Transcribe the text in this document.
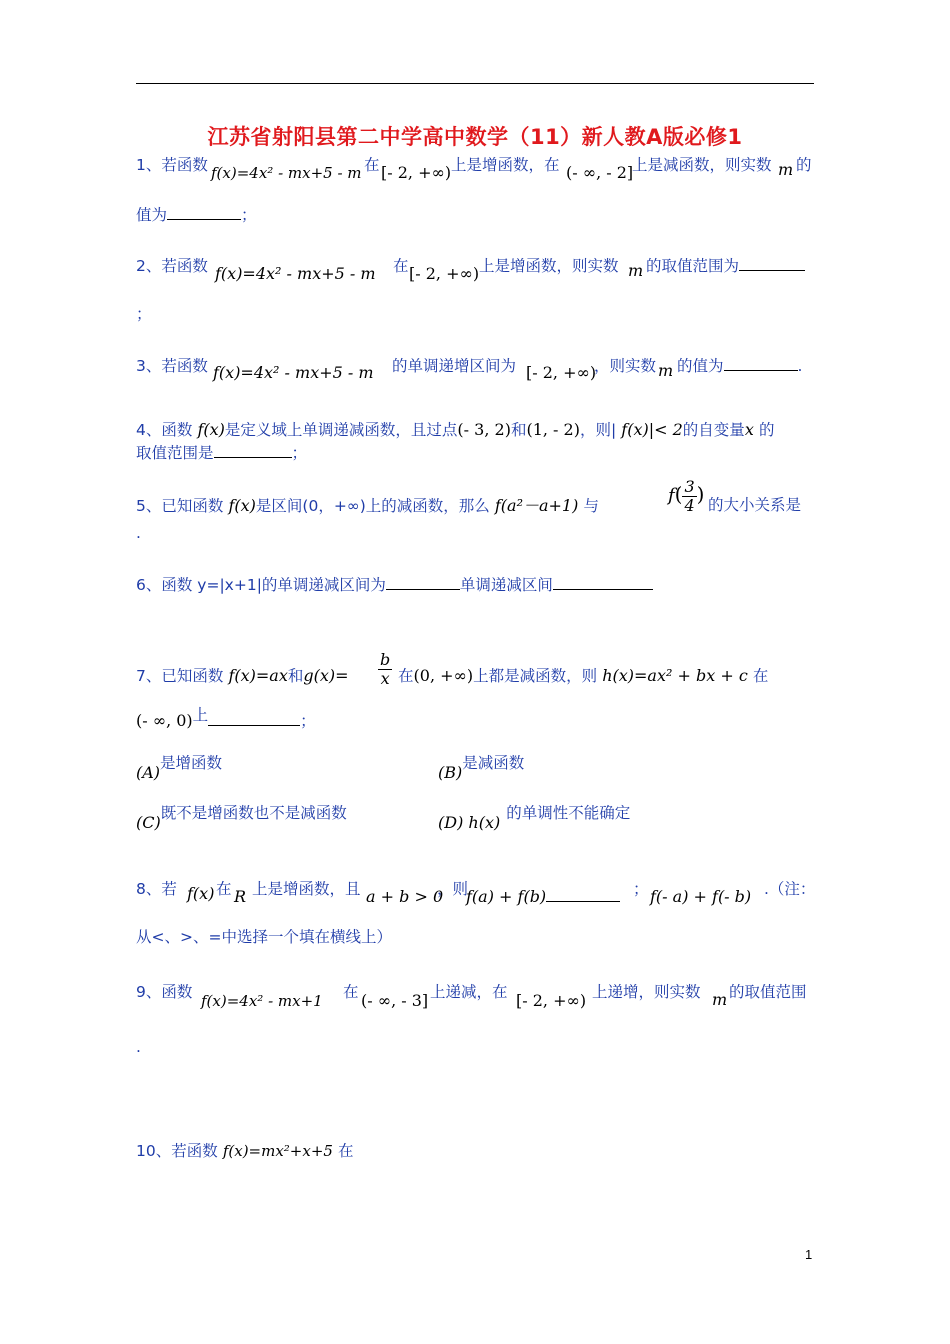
江苏省射阳县第二中学高中数学（11）新人教A版必修1
1、若函数 f(x)=4x² - mx+5 - m 在 [- 2, +∞) 上是增函数，在 (- ∞, - 2]
上是减函数，则实数 m 的
值为	；
2、若函数 f(x)=4x² - mx+5 - m 在 [- 2, +∞) 上是增函数，则实数 m 的取值范围为
；
3、若函数 f(x)=4x² - mx+5 - m 的单调递增区间为 [- 2, +∞)
，则实数 m 的值为	.
4、函数 f(x)是定义域上单调递减函数，且过点(- 3, 2)和(1, - 2)，则| f(x)|< 2的自变量x 的
取值范围是	；
5、已知函数 f(x)是区间(0，+∞)上的减函数，那么 f(a²－a+1) 与	$f( \frac{3}{4}$ ) 的大小关系是
.
6、函数 y=|x+1|的单调递减区间为	单调递减区间
7、已知函数 f(x)=ax和$g(x)= \frac{b}{x}$ 在(0, +∞)上都是减函数，则 h(x)=ax² + bx + c 在
(- ∞, 0)上	；
(A)是增函数	(B)是减函数
(C)既不是增函数也不是减函数	(D) h(x) 的单调性不能确定
8、若 f(x) 在 R 上是增函数，且 a + b > 0
，则
f(a) + f(b)	； f(- a) + f(- b) .（注：
从<、>、=中选择一个填在横线上）
9、函数 f(x)=4x² - mx+1 在 (- ∞, - 3] 上递减，在 [- 2, +∞) 上递增，则实数 m 的取值范围
.
10、若函数 f(x)=mx²+x+5 在
1
